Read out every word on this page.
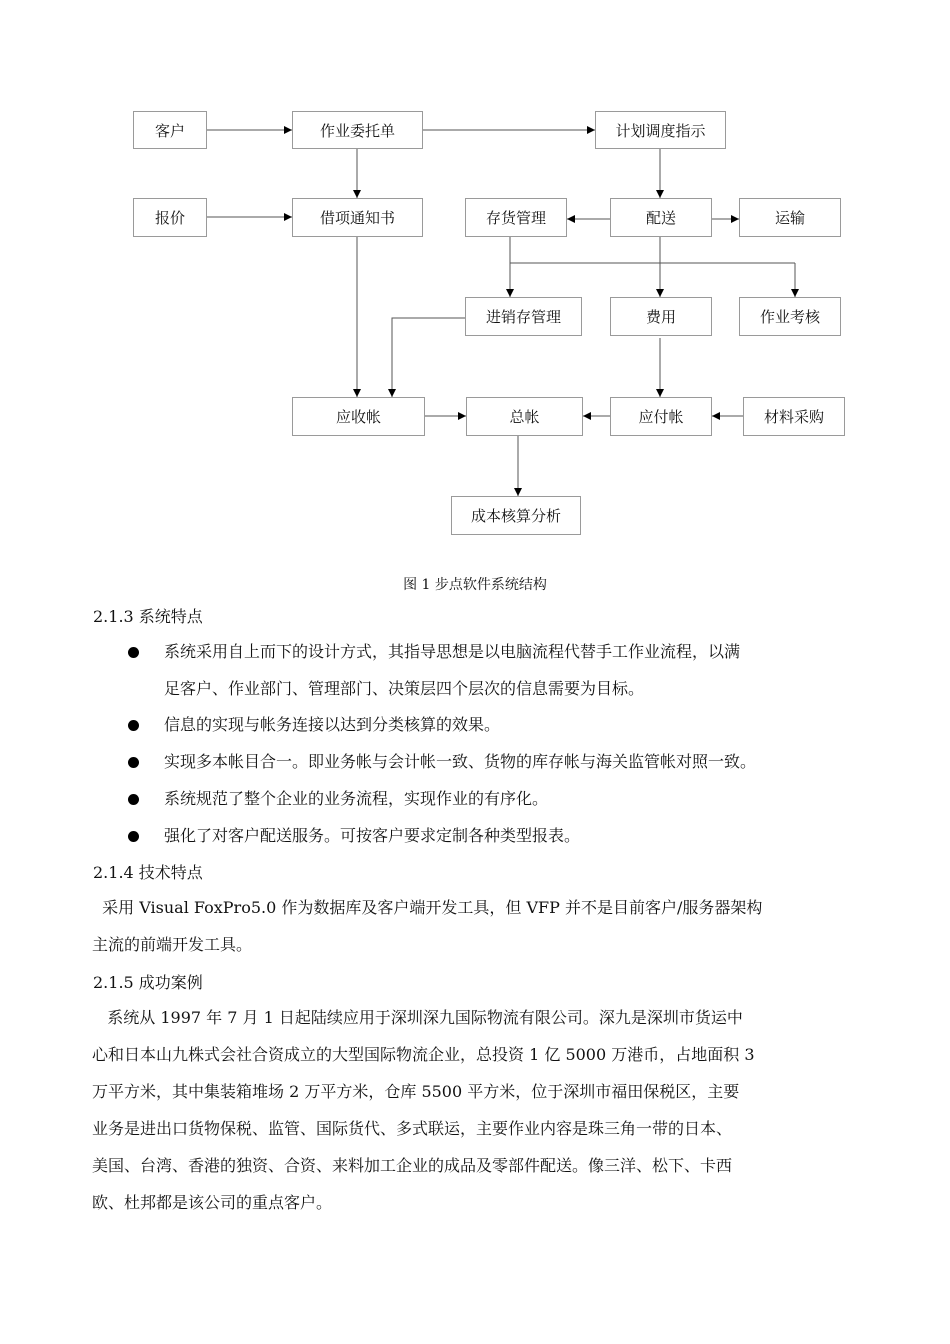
客户	作业委托单	计划调度指示
报价	借项通知书	存货管理	配送	运输
进销存管理	费用	作业考核
应收帐	总帐	应付帐	材料采购
成本核算分析
图 1 步点软件系统结构
2.1.3 系统特点
系统采用自上而下的设计方式，其指导思想是以电脑流程代替手工作业流程，以满
足客户、作业部门、管理部门、决策层四个层次的信息需要为目标。
信息的实现与帐务连接以达到分类核算的效果。
实现多本帐目合一。即业务帐与会计帐一致、货物的库存帐与海关监管帐对照一致。
系统规范了整个企业的业务流程，实现作业的有序化。
强化了对客户配送服务。可按客户要求定制各种类型报表。
2.1.4 技术特点
采用 Visual FoxPro5.0 作为数据库及客户端开发工具，但 VFP 并不是目前客户/服务器架构
主流的前端开发工具。
2.1.5 成功案例
系统从 1997 年 7 月 1 日起陆续应用于深圳深九国际物流有限公司。深九是深圳市货运中
心和日本山九株式会社合资成立的大型国际物流企业，总投资 1 亿 5000 万港币，占地面积 3
万平方米，其中集装箱堆场 2 万平方米，仓库 5500 平方米，位于深圳市福田保税区，主要
业务是进出口货物保税、监管、国际货代、多式联运，主要作业内容是珠三角一带的日本、
美国、台湾、香港的独资、合资、来料加工企业的成品及零部件配送。像三洋、松下、卡西
欧、杜邦都是该公司的重点客户。
